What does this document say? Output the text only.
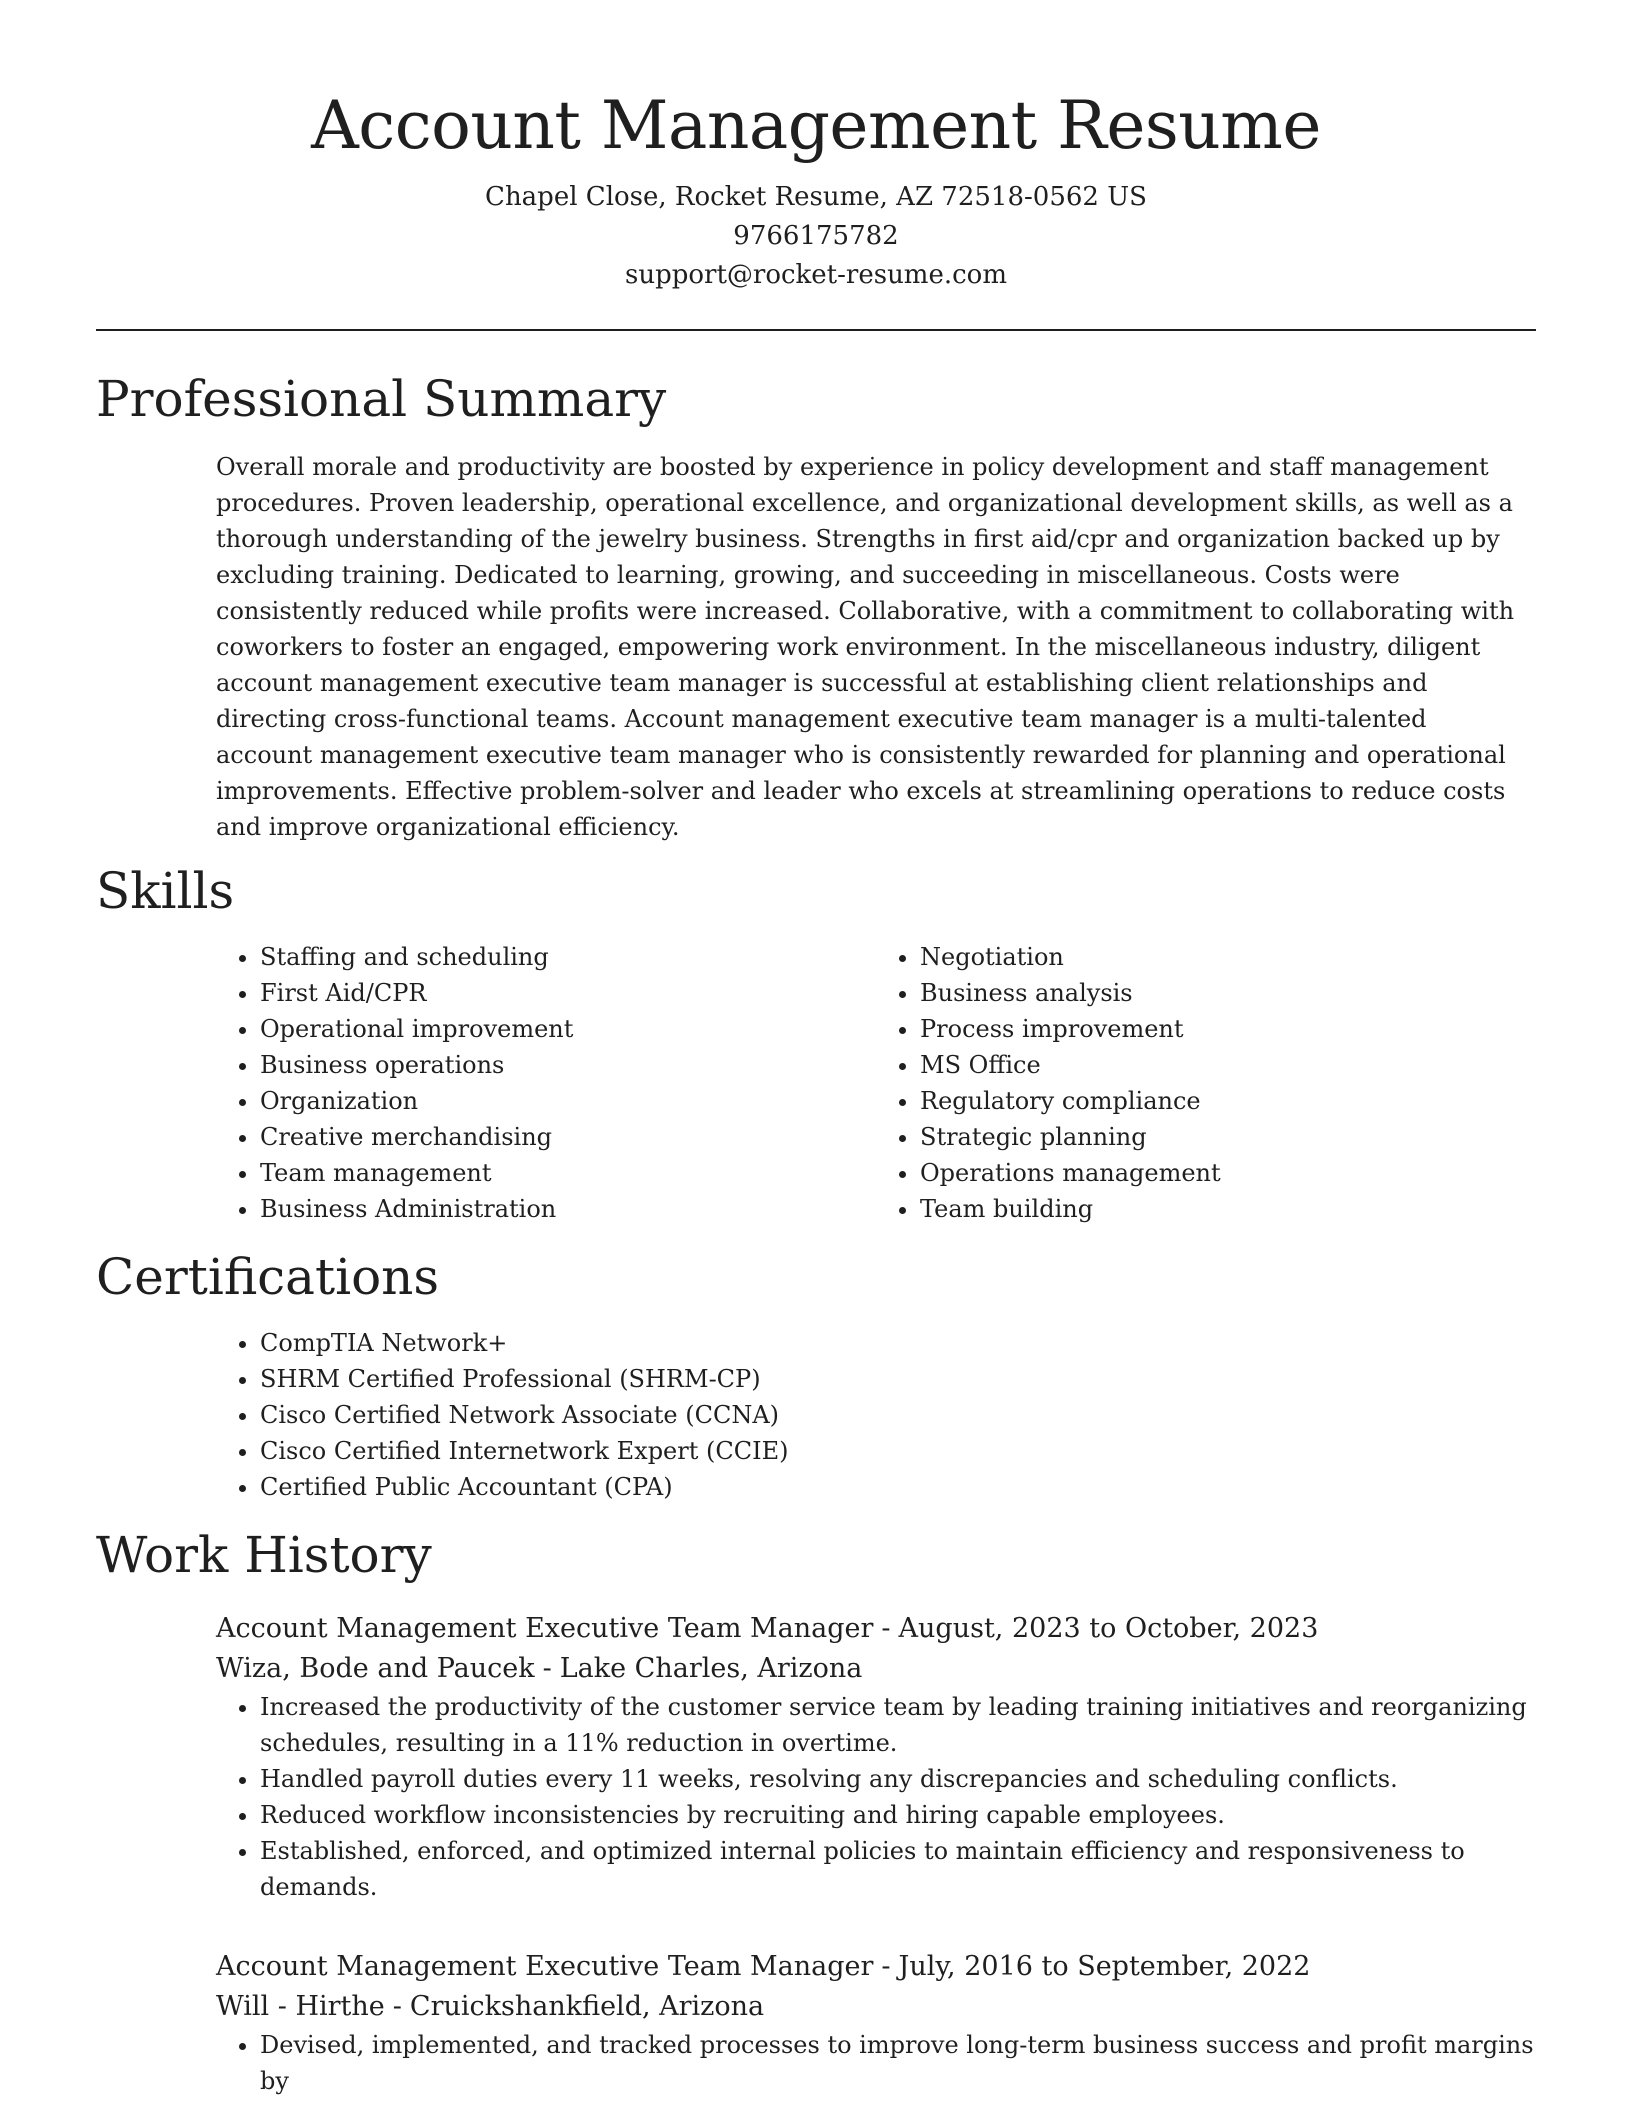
Account Management Resume
Chapel Close, Rocket Resume, AZ 72518-0562 US
9766175782
support@rocket-resume.com
Professional Summary
Overall morale and productivity are boosted by experience in policy development and staff management procedures. Proven leadership, operational excellence, and organizational development skills, as well as a thorough understanding of the jewelry business. Strengths in first aid/cpr and organization backed up by excluding training. Dedicated to learning, growing, and succeeding in miscellaneous. Costs were consistently reduced while profits were increased. Collaborative, with a commitment to collaborating with coworkers to foster an engaged, empowering work environment. In the miscellaneous industry, diligent account management executive team manager is successful at establishing client relationships and directing cross-functional teams. Account management executive team manager is a multi-talented account management executive team manager who is consistently rewarded for planning and operational improvements. Effective problem-solver and leader who excels at streamlining operations to reduce costs and improve organizational efficiency.
Skills
• Staffing and scheduling
• First Aid/CPR
• Operational improvement
• Business operations
• Organization
• Creative merchandising
• Team management
• Business Administration
• Negotiation
• Business analysis
• Process improvement
• MS Office
• Regulatory compliance
• Strategic planning
• Operations management
• Team building
Certifications
• CompTIA Network+
• SHRM Certified Professional (SHRM-CP)
• Cisco Certified Network Associate (CCNA)
• Cisco Certified Internetwork Expert (CCIE)
• Certified Public Accountant (CPA)
Work History
Account Management Executive Team Manager - August, 2023 to October, 2023
Wiza, Bode and Paucek - Lake Charles, Arizona
• Increased the productivity of the customer service team by leading training initiatives and reorganizing schedules, resulting in a 11% reduction in overtime.
• Handled payroll duties every 11 weeks, resolving any discrepancies and scheduling conflicts.
• Reduced workflow inconsistencies by recruiting and hiring capable employees.
• Established, enforced, and optimized internal policies to maintain efficiency and responsiveness to demands.
Account Management Executive Team Manager - July, 2016 to September, 2022
Will - Hirthe - Cruickshankfield, Arizona
• Devised, implemented, and tracked processes to improve long-term business success and profit margins by
